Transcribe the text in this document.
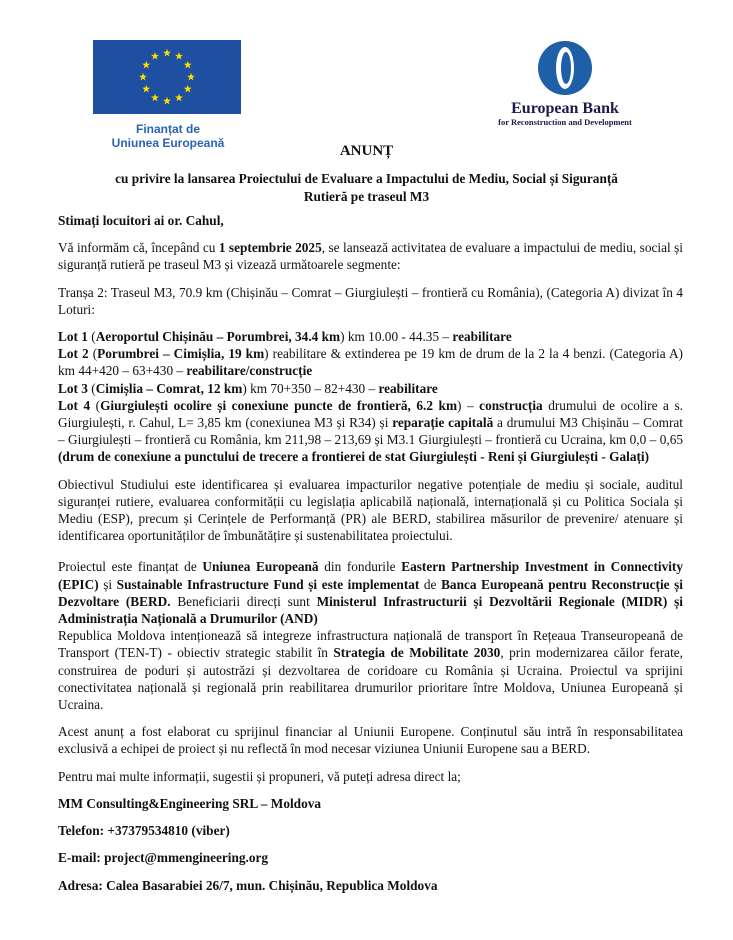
Finanțat de
Uniunea Europeană
European Bank
for Reconstruction and Development
ANUNȚ
cu privire la lansarea Proiectului de Evaluare a Impactului de Mediu, Social și Siguranță Rutieră pe traseul M3

Stimați locuitori ai or. Cahul,

Vă informăm că, începând cu 1 septembrie 2025, se lansează activitatea de evaluare a impactului de mediu, social și siguranță rutieră pe traseul M3 și vizează următoarele segmente:

Tranșa 2: Traseul M3, 70.9 km (Chișinău – Comrat – Giurgiulești – frontieră cu România), (Categoria A) divizat în 4 Loturi:

Lot 1 (Aeroportul Chișinău – Porumbrei, 34.4 km) km 10.00 - 44.35 – reabilitare

Lot 2 (Porumbrei – Cimișlia, 19 km) reabilitare & extinderea pe 19 km de drum de la 2 la 4 benzi. (Categoria A) km 44+420 – 63+430 – reabilitare/construcție

Lot 3 (Cimișlia – Comrat, 12 km) km 70+350 – 82+430 – reabilitare

Lot 4 (Giurgiulești ocolire și conexiune puncte de frontieră, 6.2 km) – construcția drumului de ocolire a s. Giurgiulești, r. Cahul, L= 3,85 km (conexiunea M3 și R34) și reparație capitală a drumului M3 Chișinău – Comrat – Giurgiulești – frontieră cu România, km 211,98 – 213,69 și M3.1 Giurgiulești – frontieră cu Ucraina, km 0,0 – 0,65 (drum de conexiune a punctului de trecere a frontierei de stat Giurgiulești - Reni și Giurgiulești - Galați)

Obiectivul Studiului este identificarea și evaluarea impacturilor negative potențiale de mediu și sociale, auditul siguranței rutiere, evaluarea conformității cu legislația aplicabilă națională, internațională și cu Politica Sociala și Mediu (ESP), precum și Cerințele de Performanță (PR) ale BERD, stabilirea măsurilor de prevenire/ atenuare și identificarea oportunităților de îmbunătățire și sustenabilitatea proiectului.

Proiectul este finanțat de Uniunea Europeană din fondurile Eastern Partnership Investment in Connectivity (EPIC) și Sustainable Infrastructure Fund și este implementat de Banca Europeană pentru Reconstrucție și Dezvoltare (BERD. Beneficiarii direcți sunt Ministerul Infrastructurii și Dezvoltării Regionale (MIDR) și Administrația Națională a Drumurilor (AND)

Republica Moldova intenționează să integreze infrastructura națională de transport în Rețeaua Transeuropeană de Transport (TEN-T) - obiectiv strategic stabilit în Strategia de Mobilitate 2030, prin modernizarea căilor ferate, construirea de poduri și autostrăzi și dezvoltarea de coridoare cu România și Ucraina. Proiectul va sprijini conectivitatea națională și regională prin reabilitarea drumurilor prioritare între Moldova, Uniunea Europeană și Ucraina.

Acest anunț a fost elaborat cu sprijinul financiar al Uniunii Europene. Conținutul său intră în responsabilitatea exclusivă a echipei de proiect și nu reflectă în mod necesar viziunea Uniunii Europene sau a BERD.

Pentru mai multe informații, sugestii și propuneri, vă puteți adresa direct la;

MM Consulting&Engineering SRL – Moldova

Telefon: +37379534810 (viber)

E-mail: project@mmengineering.org

Adresa: Calea Basarabiei 26/7, mun. Chișinău, Republica Moldova
